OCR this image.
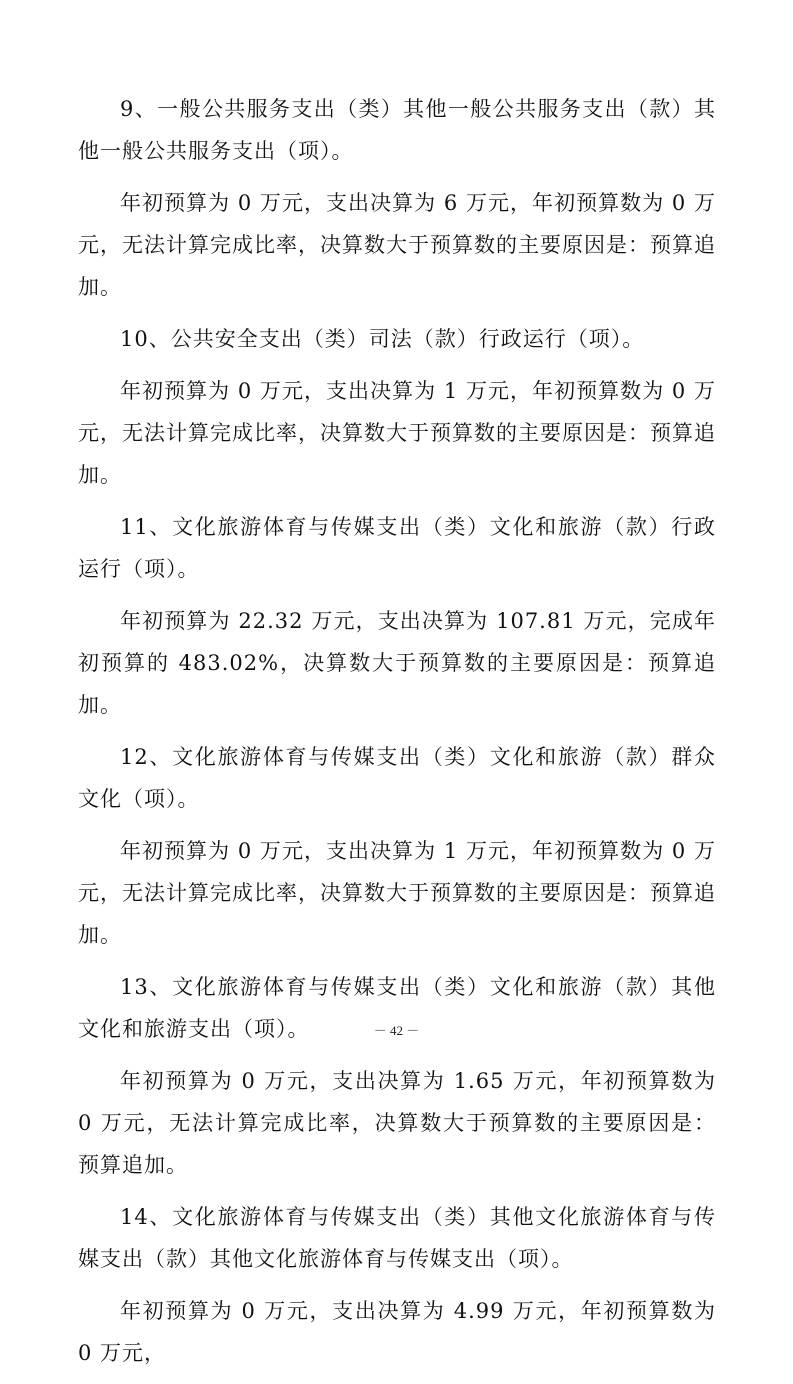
9、一般公共服务支出（类）其他一般公共服务支出（款）其他一般公共服务支出（项）。

年初预算为 0 万元，支出决算为 6 万元，年初预算数为 0 万元，无法计算完成比率，决算数大于预算数的主要原因是：预算追加。

10、公共安全支出（类）司法（款）行政运行（项）。

年初预算为 0 万元，支出决算为 1 万元，年初预算数为 0 万元，无法计算完成比率，决算数大于预算数的主要原因是：预算追加。

11、文化旅游体育与传媒支出（类）文化和旅游（款）行政运行（项）。

年初预算为 22.32 万元，支出决算为 107.81 万元，完成年初预算的 483.02%，决算数大于预算数的主要原因是：预算追加。

12、文化旅游体育与传媒支出（类）文化和旅游（款）群众文化（项）。

年初预算为 0 万元，支出决算为 1 万元，年初预算数为 0 万元，无法计算完成比率，决算数大于预算数的主要原因是：预算追加。

13、文化旅游体育与传媒支出（类）文化和旅游（款）其他文化和旅游支出（项）。

年初预算为 0 万元，支出决算为 1.65 万元，年初预算数为 0 万元，无法计算完成比率，决算数大于预算数的主要原因是：预算追加。

14、文化旅游体育与传媒支出（类）其他文化旅游体育与传媒支出（款）其他文化旅游体育与传媒支出（项）。

年初预算为 0 万元，支出决算为 4.99 万元，年初预算数为 0 万元，

－ 42 －
